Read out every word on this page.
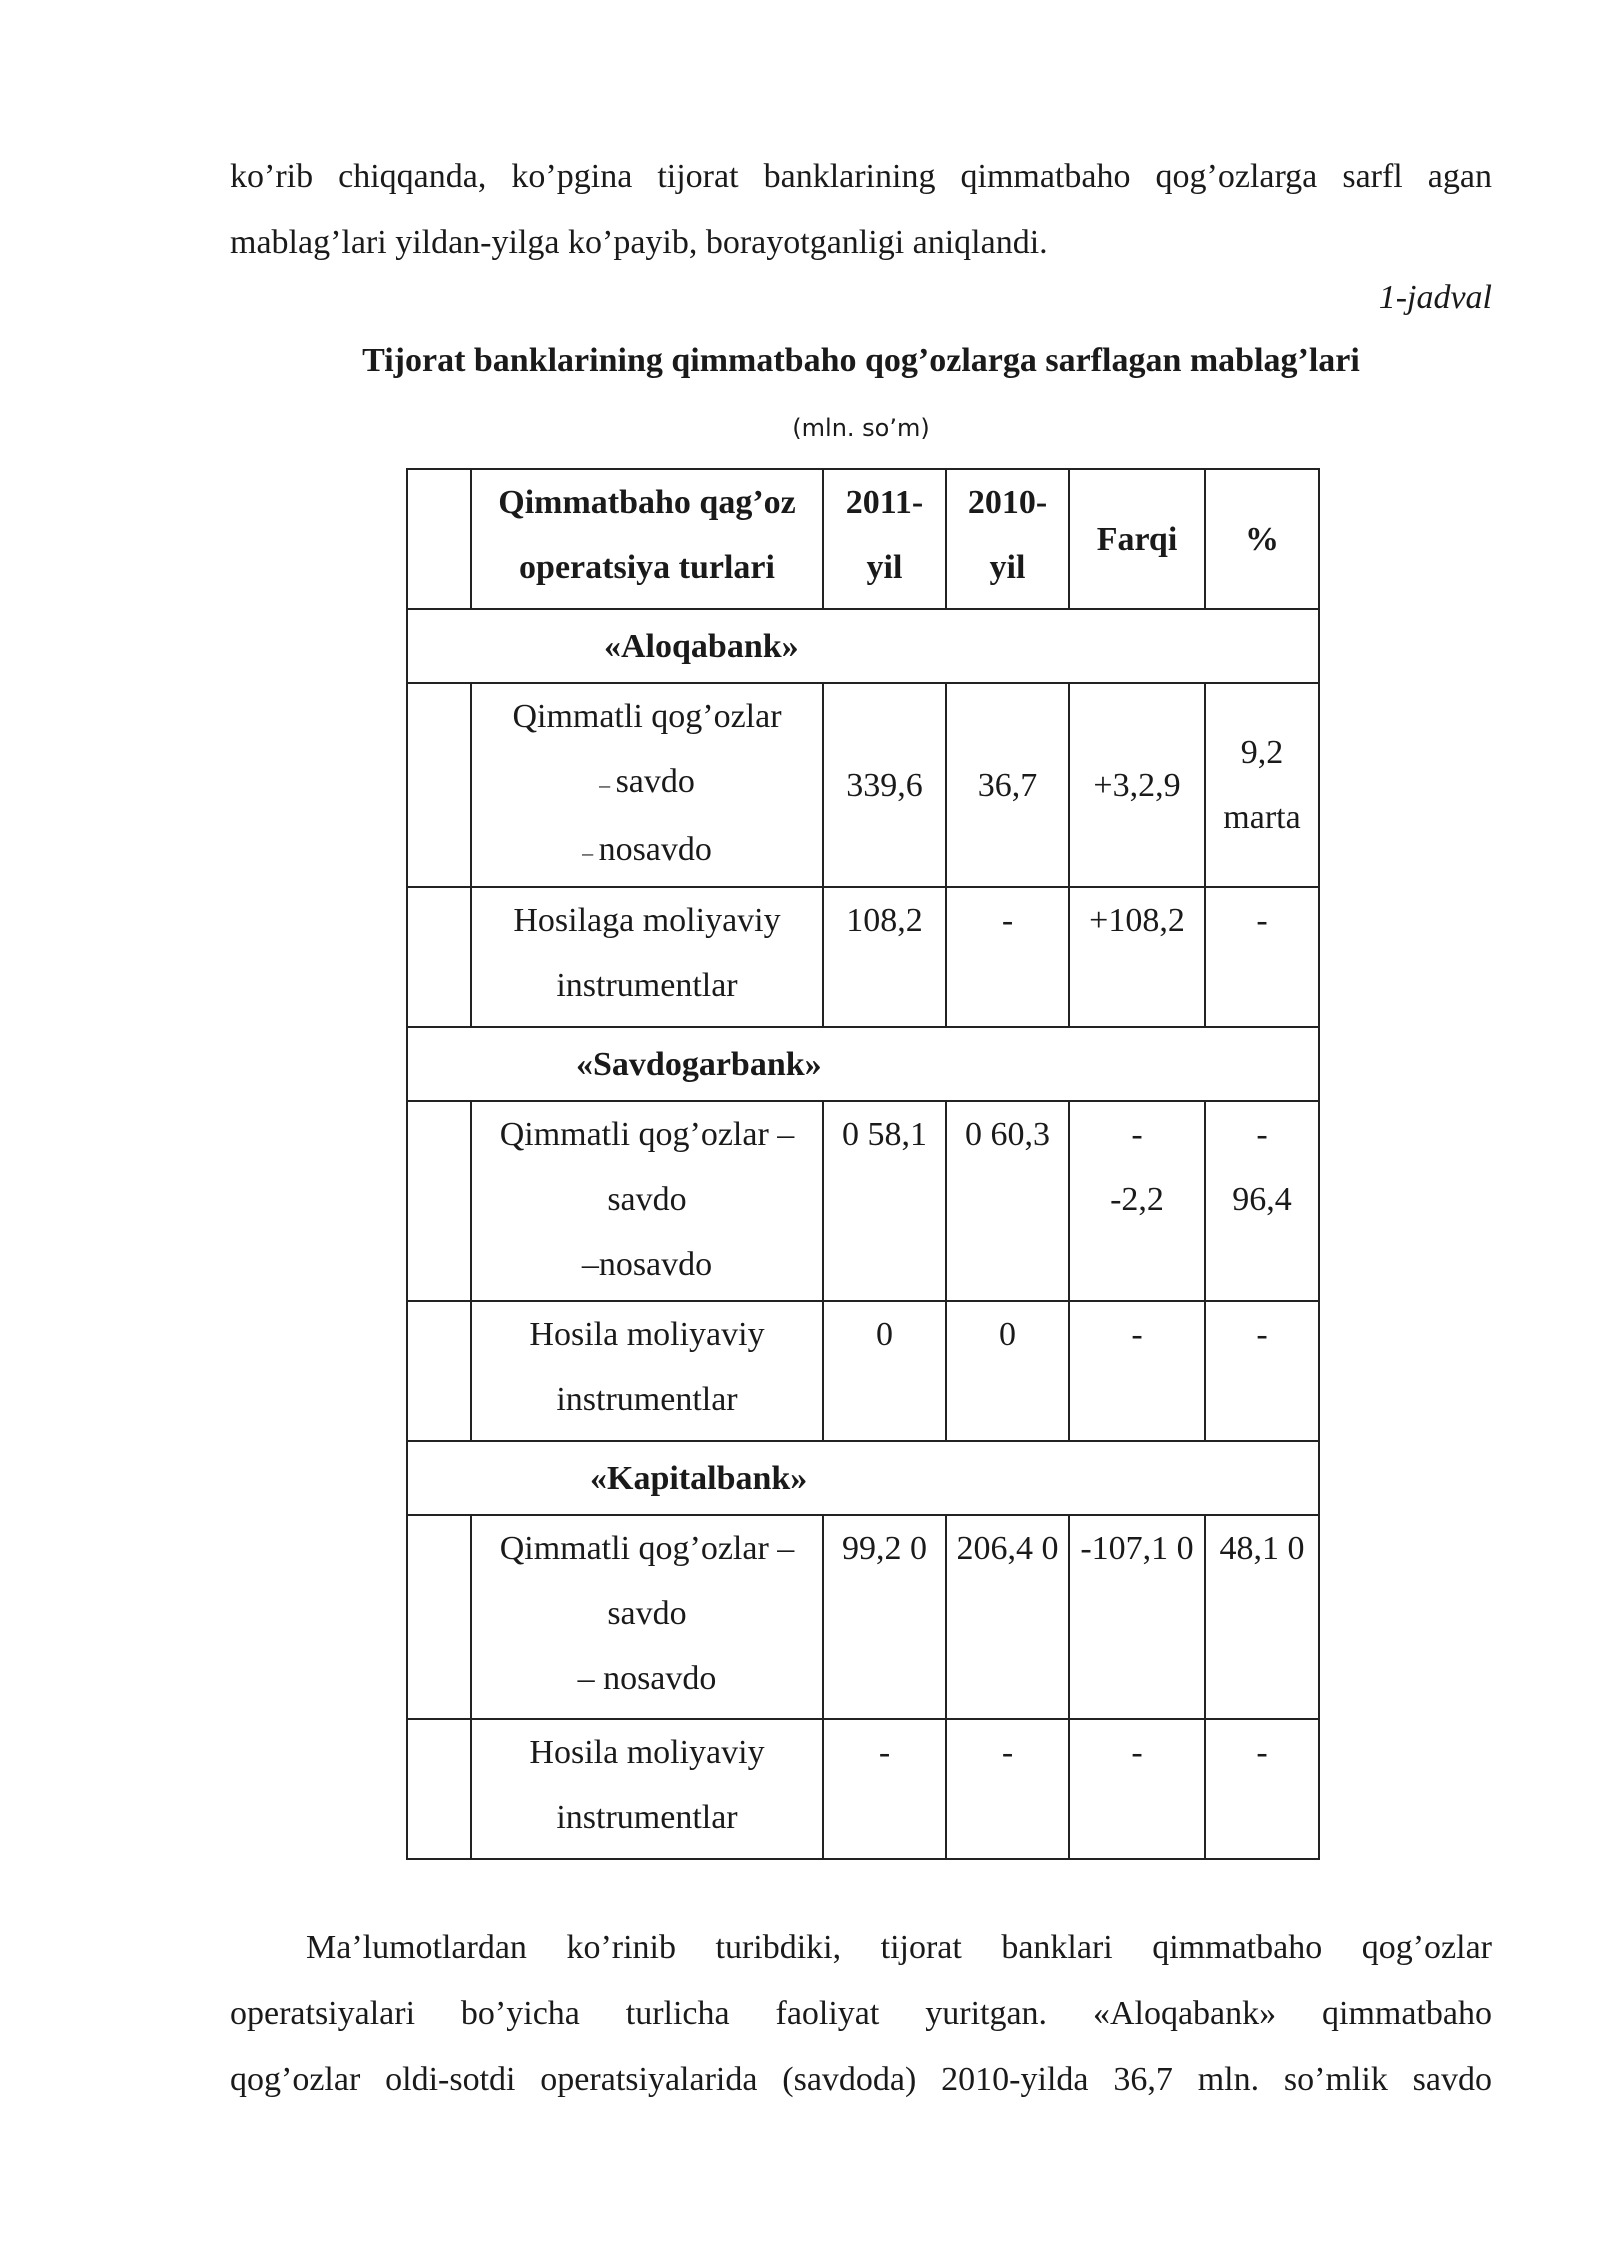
ko’rib chiqqanda, ko’pgina tijorat banklarining qimmatbaho qog’ozlarga sarfl agan
mablag’lari yildan-yilga ko’payib, borayotganligi aniqlandi.
1-jadval
Tijorat banklarining qimmatbaho qog’ozlarga sarflagan mablag’lari
(mln. so’m)

	Qimmatbaho qag’oz
operatsiya turlari	2011-
yil	2010-
yil	Farqi	%
«Aloqabank»					

	Qimmatli qog’ozlar
– savdo
– nosavdo	339,6	36,7	+3,2,9	9,2
marta

	Hosilaga moliyaviy
instrumentlar	108,2	-	+108,2	-
«Savdogarbank»					

	Qimmatli qog’ozlar –
savdo
–nosavdo	0 58,1	0 60,3	-
-2,2	-
96,4

	Hosila moliyaviy
instrumentlar	0	0	-	-
«Kapitalbank»					

	Qimmatli qog’ozlar –
savdo
– nosavdo	99,2 0	206,4 0	-107,1 0	48,1 0

	Hosila moliyaviy
instrumentlar	-	-	-	-
Ma’lumotlardan ko’rinib turibdiki, tijorat banklari qimmatbaho qog’ozlar
operatsiyalari bo’yicha turlicha faoliyat yuritgan. «Aloqabank» qimmatbaho
qog’ozlar oldi-sotdi operatsiyalarida (savdoda) 2010-yilda 36,7 mln. so’mlik savdo
